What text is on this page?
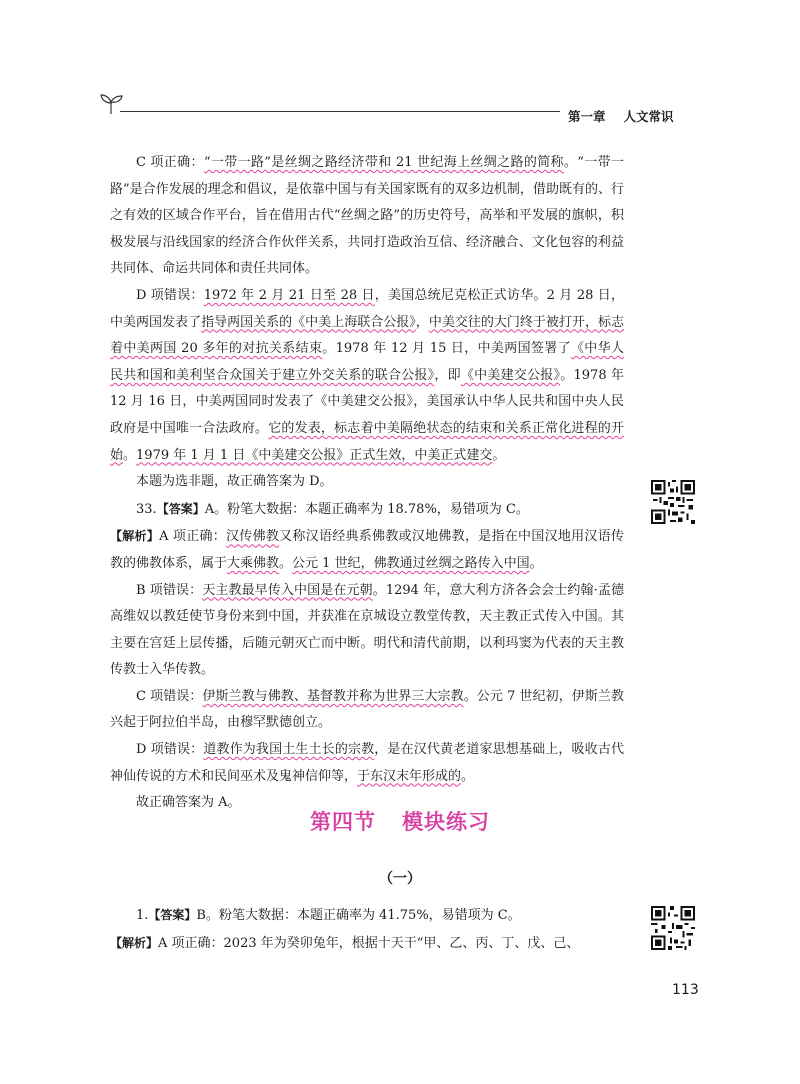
第一章 人文常识

C 项正确：“一带一路”是丝绸之路经济带和 21 世纪海上丝绸之路的简称。“一带一路”是合作发展的理念和倡议，是依靠中国与有关国家既有的双多边机制，借助既有的、行之有效的区域合作平台，旨在借用古代“丝绸之路”的历史符号，高举和平发展的旗帜，积极发展与沿线国家的经济合作伙伴关系，共同打造政治互信、经济融合、文化包容的利益共同体、命运共同体和责任共同体。

D 项错误：1972 年 2 月 21 日至 28 日，美国总统尼克松正式访华。2 月 28 日，中美两国发表了指导两国关系的《中美上海联合公报》，中美交往的大门终于被打开，标志着中美两国 20 多年的对抗关系结束。1978 年 12 月 15 日，中美两国签署了《中华人民共和国和美利坚合众国关于建立外交关系的联合公报》，即《中美建交公报》。1978 年 12 月 16 日，中美两国同时发表了《中美建交公报》，美国承认中华人民共和国中央人民政府是中国唯一合法政府。它的发表，标志着中美隔绝状态的结束和关系正常化进程的开始。1979 年 1 月 1 日《中美建交公报》正式生效，中美正式建交。

本题为选非题，故正确答案为 D。

33.【答案】A。粉笔大数据：本题正确率为 18.78%，易错项为 C。

【解析】A 项正确：汉传佛教又称汉语经典系佛教或汉地佛教，是指在中国汉地用汉语传教的佛教体系，属于大乘佛教。公元 1 世纪，佛教通过丝绸之路传入中国。

B 项错误：天主教最早传入中国是在元朝。1294 年，意大利方济各会会士约翰·孟德高维奴以教廷使节身份来到中国，并获准在京城设立教堂传教，天主教正式传入中国。其主要在宫廷上层传播，后随元朝灭亡而中断。明代和清代前期，以利玛窦为代表的天主教传教士入华传教。

C 项错误：伊斯兰教与佛教、基督教并称为世界三大宗教。公元 7 世纪初，伊斯兰教兴起于阿拉伯半岛，由穆罕默德创立。

D 项错误：道教作为我国土生土长的宗教，是在汉代黄老道家思想基础上，吸收古代神仙传说的方术和民间巫术及鬼神信仰等，于东汉末年形成的。

故正确答案为 A。

第四节 模块练习
（一）

1.【答案】B。粉笔大数据：本题正确率为 41.75%，易错项为 C。

【解析】A 项正确：2023 年为癸卯兔年，根据十天干“甲、乙、丙、丁、戊、己、

113
